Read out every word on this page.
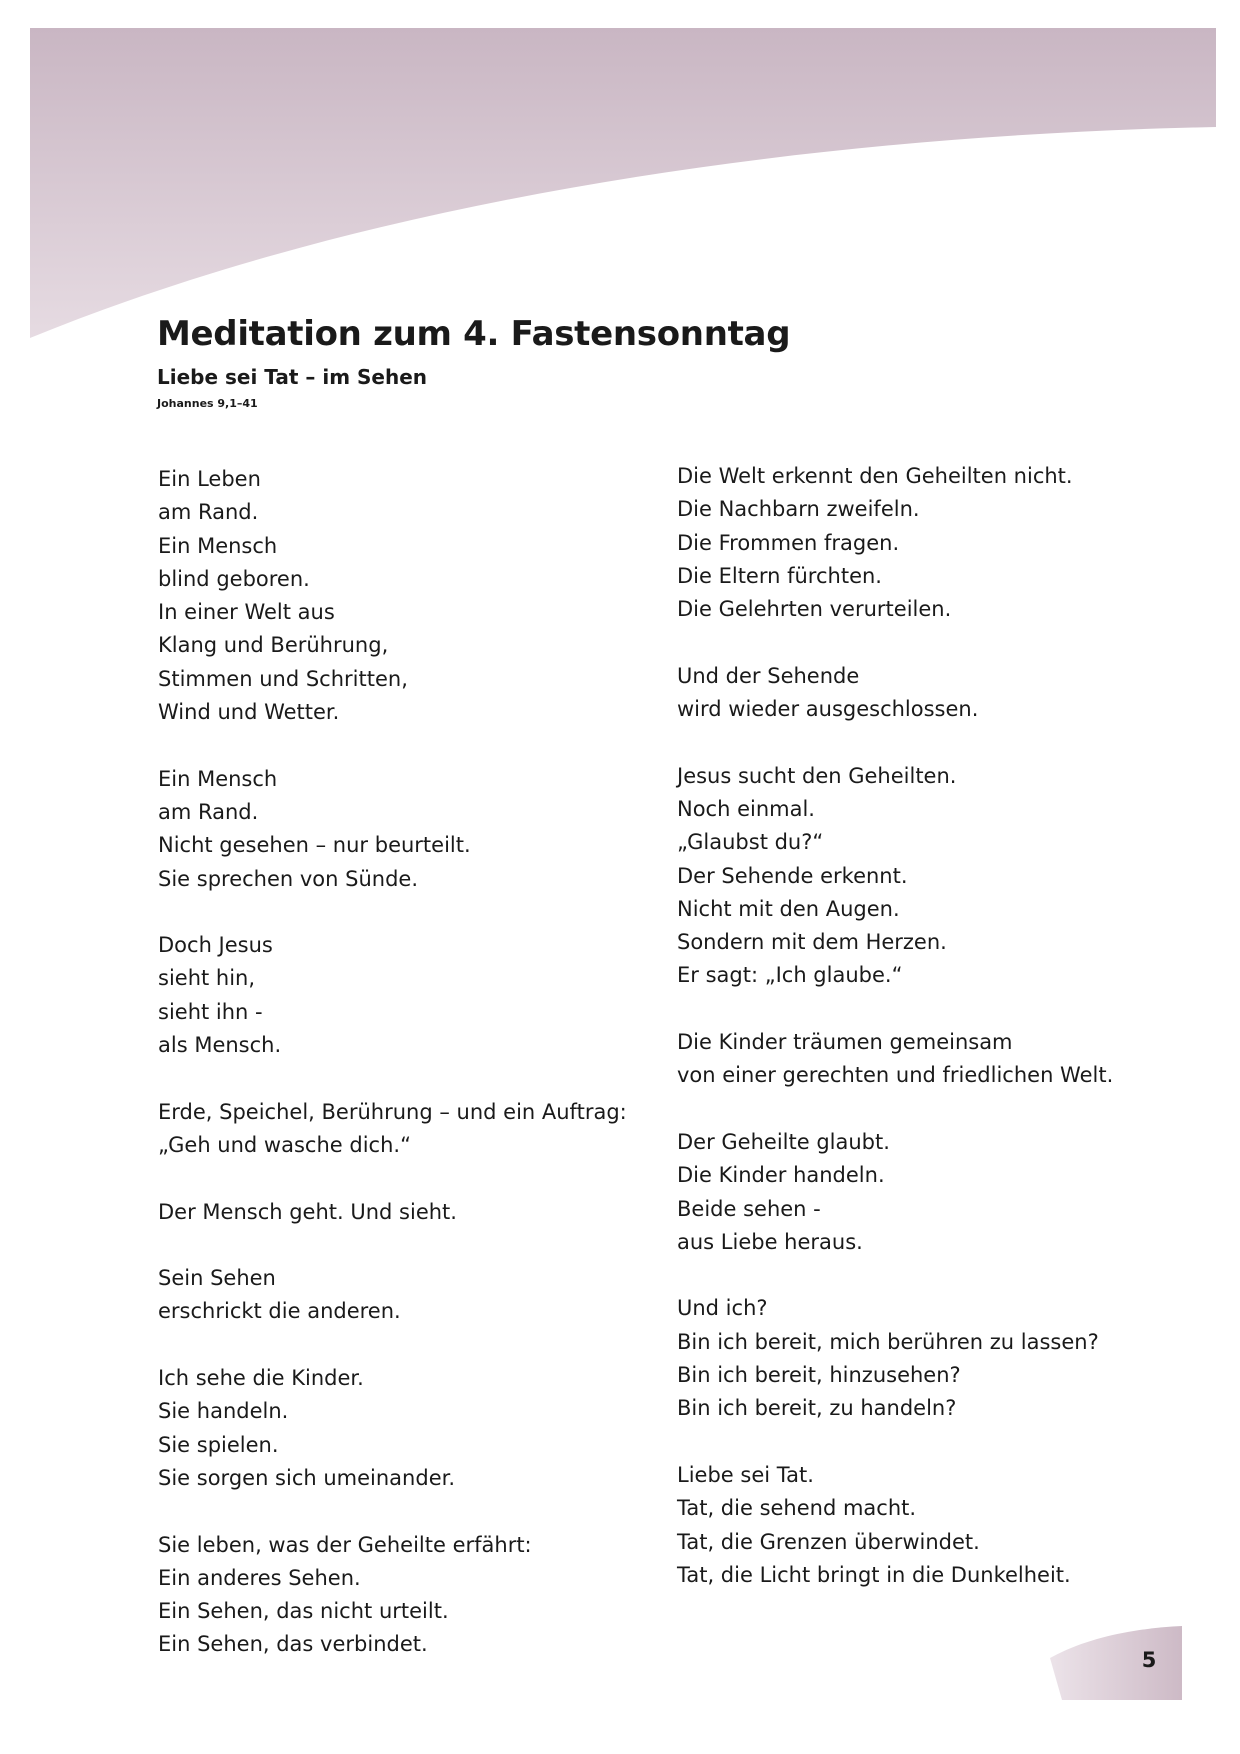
Meditation zum 4. Fastensonntag
Liebe sei Tat – im Sehen
Johannes 9,1–41
Ein Leben
am Rand.
Ein Mensch
blind geboren.
In einer Welt aus
Klang und Berührung,
Stimmen und Schritten,
Wind und Wetter.
Ein Mensch
am Rand.
Nicht gesehen – nur beurteilt.
Sie sprechen von Sünde.
Doch Jesus
sieht hin,
sieht ihn -
als Mensch.
Erde, Speichel, Berührung – und ein Auftrag:
„Geh und wasche dich.“
Der Mensch geht. Und sieht.
Sein Sehen
erschrickt die anderen.
Ich sehe die Kinder.
Sie handeln.
Sie spielen.
Sie sorgen sich umeinander.
Sie leben, was der Geheilte erfährt:
Ein anderes Sehen.
Ein Sehen, das nicht urteilt.
Ein Sehen, das verbindet.
Die Welt erkennt den Geheilten nicht.
Die Nachbarn zweifeln.
Die Frommen fragen.
Die Eltern fürchten.
Die Gelehrten verurteilen.
Und der Sehende
wird wieder ausgeschlossen.
Jesus sucht den Geheilten.
Noch einmal.
„Glaubst du?“
Der Sehende erkennt.
Nicht mit den Augen.
Sondern mit dem Herzen.
Er sagt: „Ich glaube.“
Die Kinder träumen gemeinsam
von einer gerechten und friedlichen Welt.
Der Geheilte glaubt.
Die Kinder handeln.
Beide sehen -
aus Liebe heraus.
Und ich?
Bin ich bereit, mich berühren zu lassen?
Bin ich bereit, hinzusehen?
Bin ich bereit, zu handeln?
Liebe sei Tat.
Tat, die sehend macht.
Tat, die Grenzen überwindet.
Tat, die Licht bringt in die Dunkelheit.
5
